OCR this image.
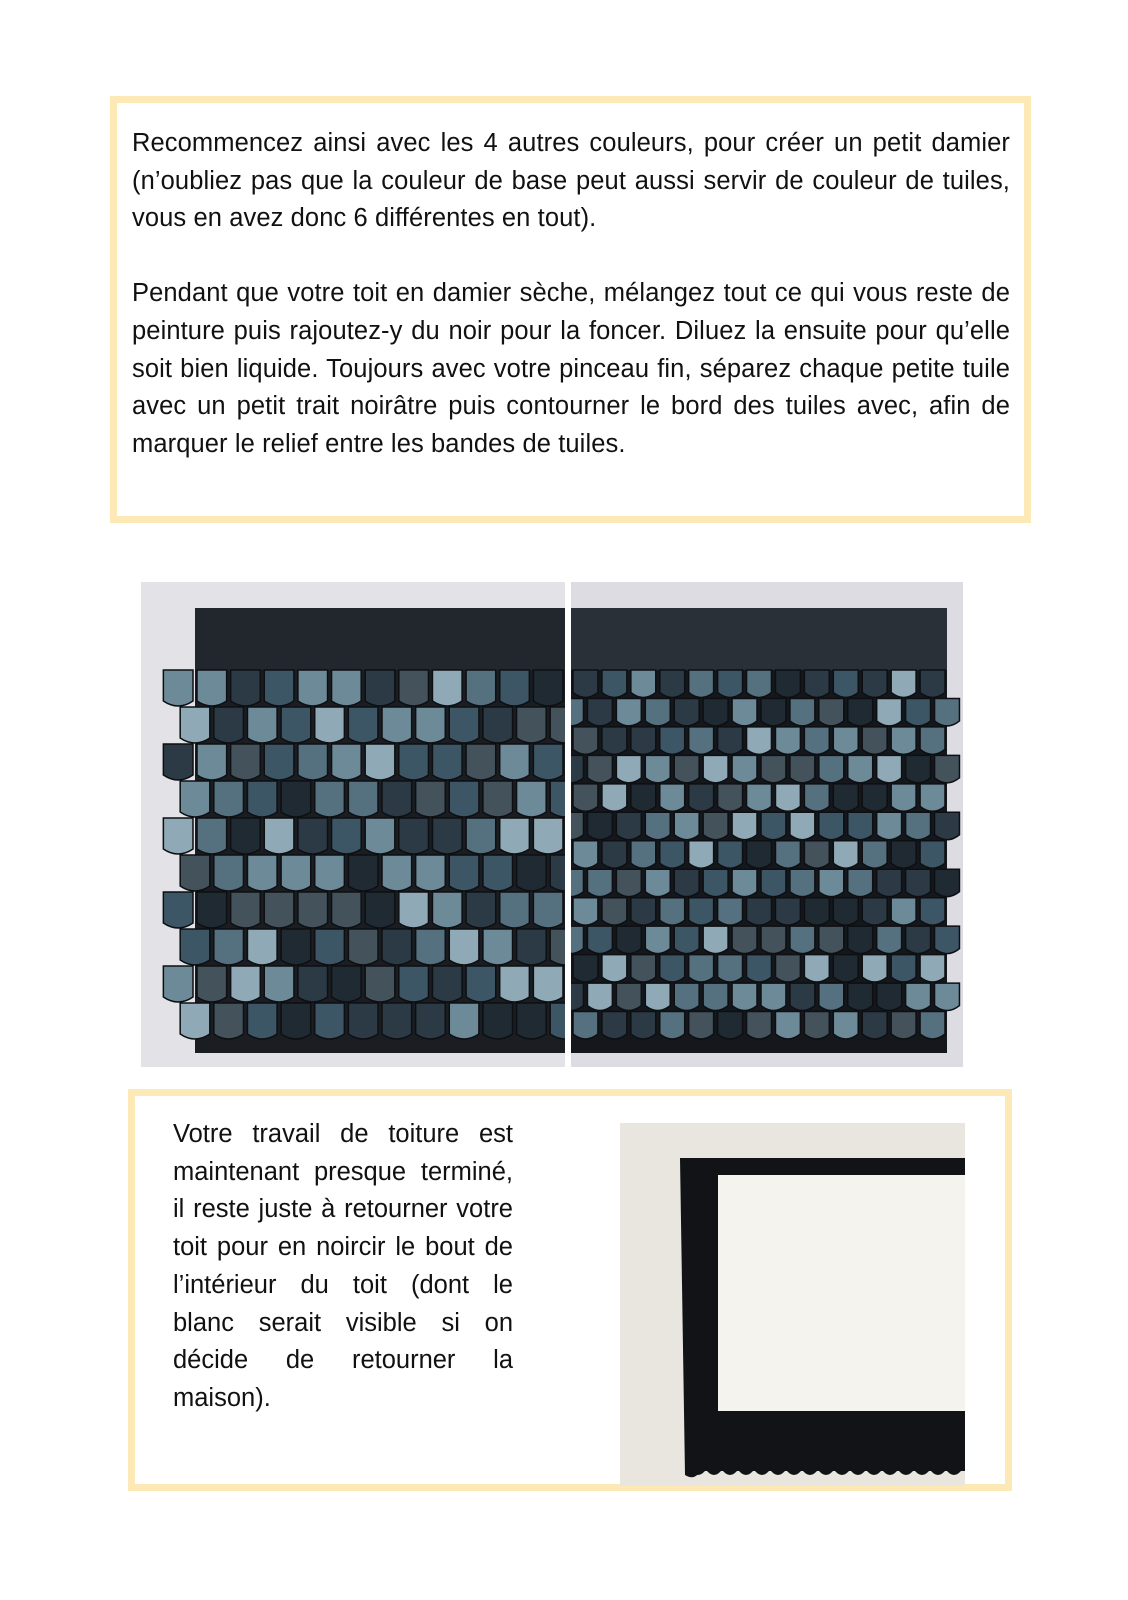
Recommencez ainsi avec les 4 autres couleurs, pour créer un petit damier (n’oubliez pas que la couleur de base peut aussi servir de couleur de tuiles, vous en avez donc 6 différentes en tout).

Pendant que votre toit en damier sèche, mélangez tout ce qui vous reste de peinture puis rajoutez-y du noir pour la foncer. Diluez la ensuite pour qu’elle soit bien liquide. Toujours avec votre pinceau fin, séparez chaque petite tuile avec un petit trait noirâtre puis contourner le bord des tuiles avec, afin de marquer le relief entre les bandes de tuiles.

Votre travail de toiture est maintenant presque terminé, il reste juste à retourner votre toit pour en noircir le bout de l’intérieur du toit (dont le blanc serait visible si on décide de retourner la maison).
